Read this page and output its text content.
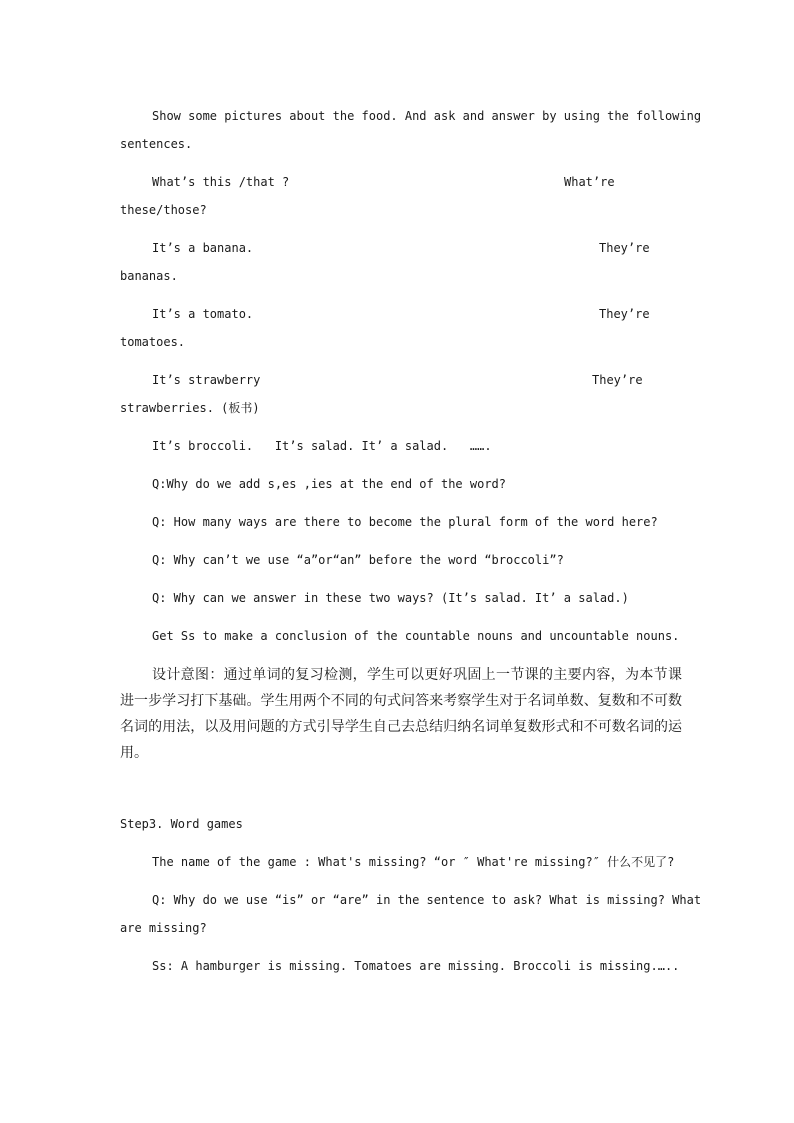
Show some pictures about the food. And ask and answer by using the following
sentences.
What’s this /that ?	What’re
these/those?
It’s a banana.	They’re
bananas.
It’s a tomato.	They’re
tomatoes.
It’s strawberry	They’re
strawberries. (板书)
It’s broccoli.   It’s salad. It’ a salad.   …….
Q:Why do we add s,es ,ies at the end of the word?
Q: How many ways are there to become the plural form of the word here?
Q: Why can’t we use “a”or“an” before the word “broccoli”?
Q: Why can we answer in these two ways? (It’s salad. It’ a salad.)
Get Ss to make a conclusion of the countable nouns and uncountable nouns.
设计意图：通过单词的复习检测，学生可以更好巩固上一节课的主要内容，为本节课进一步学习打下基础。学生用两个不同的句式问答来考察学生对于名词单数、复数和不可数名词的用法，以及用问题的方式引导学生自己去总结归纳名词单复数形式和不可数名词的运用。
Step3. Word games
The name of the game : What's missing? “or ″ What're missing?″ 什么不见了?
Q: Why do we use “is” or “are” in the sentence to ask? What is missing? What
are missing?
Ss: A hamburger is missing. Tomatoes are missing. Broccoli is missing.…..
